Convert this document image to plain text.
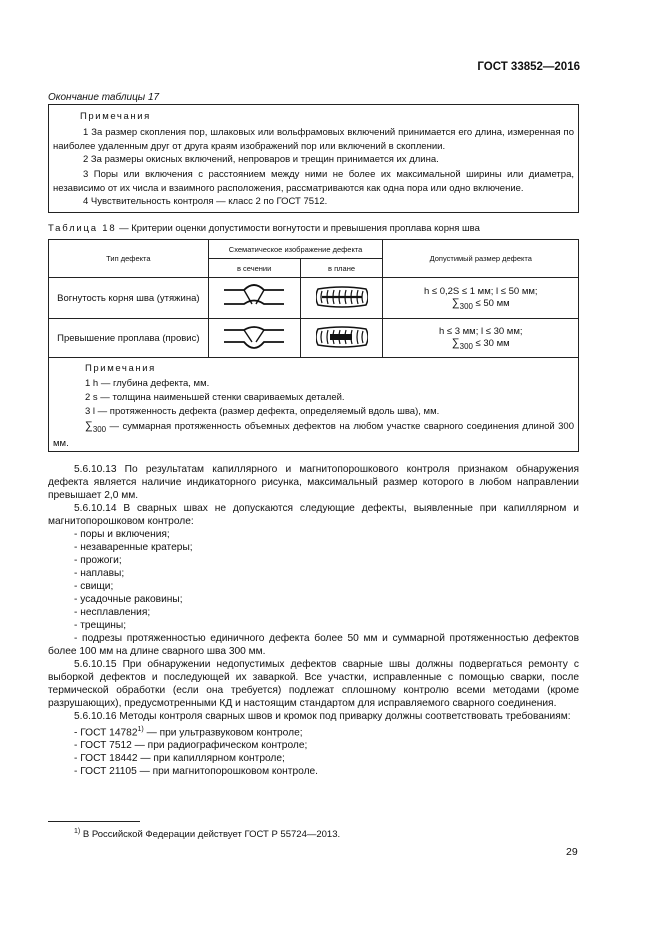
ГОСТ 33852—2016
Окончание таблицы 17
Примечания
1 За размер скопления пор, шлаковых или вольфрамовых включений принимается его длина, измеренная по наиболее удаленным друг от друга краям изображений пор или включений в скоплении.
2 За размеры окисных включений, непроваров и трещин принимается их длина.
3 Поры или включения с расстоянием между ними не более их максимальной ширины или диаметра, независимо от их числа и взаимного расположения, рассматриваются как одна пора или одно включение.
4 Чувствительность контроля — класс 2 по ГОСТ 7512.
Таблица 18 — Критерии оценки допустимости вогнутости и превышения проплава корня шва
Тип дефекта	Схематическое изображение дефекта		Допустимый размер дефекта
	в сечении	в плане	
Вогнутость корня шва (утяжина)			h ≤ 0,2S ≤ 1 мм; l ≤ 50 мм;
$\sum_{300} \le 50$ мм

Превышение проплава (провис)			h ≤ 3 мм; l ≤ 30 мм;
$\sum_{300} \le 30$ мм

Примечания
1 h — глубина дефекта, мм.
2 s — толщина наименьшей стенки свариваемых деталей.
3 l — протяженность дефекта (размер дефекта, определяемый вдоль шва), мм.
$\sum_{300}$ — суммарная протяженность объемных дефектов на любом участке сварного соединения длиной 300 мм.			

5.6.10.13 По результатам капиллярного и магнитопорошкового контроля признаком обнаружения дефекта является наличие индикаторного рисунка, максимальный размер которого в любом направлении превышает 2,0 мм.

5.6.10.14 В сварных швах не допускаются следующие дефекты, выявленные при капиллярном и магнитопорошковом контроле:

- поры и включения;

- незаваренные кратеры;

- прожоги;

- наплавы;

- свищи;

- усадочные раковины;

- несплавления;

- трещины;

- подрезы протяженностью единичного дефекта более 50 мм и суммарной протяженностью дефектов более 100 мм на длине сварного шва 300 мм.

5.6.10.15 При обнаружении недопустимых дефектов сварные швы должны подвергаться ремонту с выборкой дефектов и последующей их заваркой. Все участки, исправленные с помощью сварки, после термической обработки (если она требуется) подлежат сплошному контролю всеми методами (кроме разрушающих), предусмотренными КД и настоящим стандартом для исправляемого сварного соединения.

5.6.10.16 Методы контроля сварных швов и кромок под приварку должны соответствовать требованиям:

- ГОСТ 14782$^{1)}$ — при ультразвуковом контроле;

- ГОСТ 7512 — при радиографическом контроле;

- ГОСТ 18442 — при капиллярном контроле;

- ГОСТ 21105 — при магнитопорошковом контроле.

$^{1)}$ В Российской Федерации действует ГОСТ Р 55724—2013.
29
